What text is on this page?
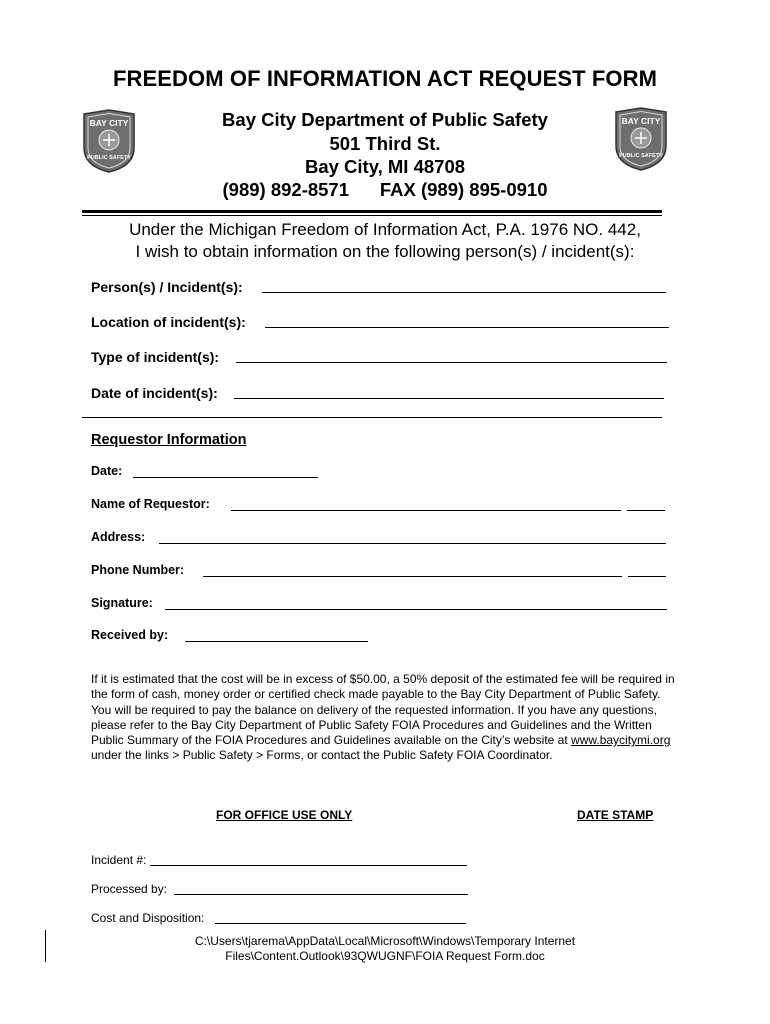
FREEDOM OF INFORMATION ACT REQUEST FORM
BAY CITY
PUBLIC SAFETY
BAY CITY
PUBLIC SAFETY
Bay City Department of Public Safety
501 Third St.
Bay City, MI 48708
(989) 892-8571      FAX (989) 895-0910
Under the Michigan Freedom of Information Act, P.A. 1976 NO. 442,
I wish to obtain information on the following person(s) / incident(s):
Person(s) / Incident(s):
Location of incident(s):
Type of incident(s):
Date of incident(s):
Requestor Information
Date:
Name of Requestor:
Address:
Phone Number:
Signature:
Received by:
If it is estimated that the cost will be in excess of $50.00, a 50% deposit of the estimated fee will be required in the form of cash, money order or certified check made payable to the Bay City Department of Public Safety. You will be required to pay the balance on delivery of the requested information. If you have any questions, please refer to the Bay City Department of Public Safety FOIA Procedures and Guidelines and the Written Public Summary of the FOIA Procedures and Guidelines available on the City’s website at www.baycitymi.org under the links > Public Safety > Forms, or contact the Public Safety FOIA Coordinator.
FOR OFFICE USE ONLY	DATE STAMP
Incident #:
Processed by:
Cost and Disposition:
C:\Users\tjarema\AppData\Local\Microsoft\Windows\Temporary Internet
Files\Content.Outlook\93QWUGNF\FOIA Request Form.doc
